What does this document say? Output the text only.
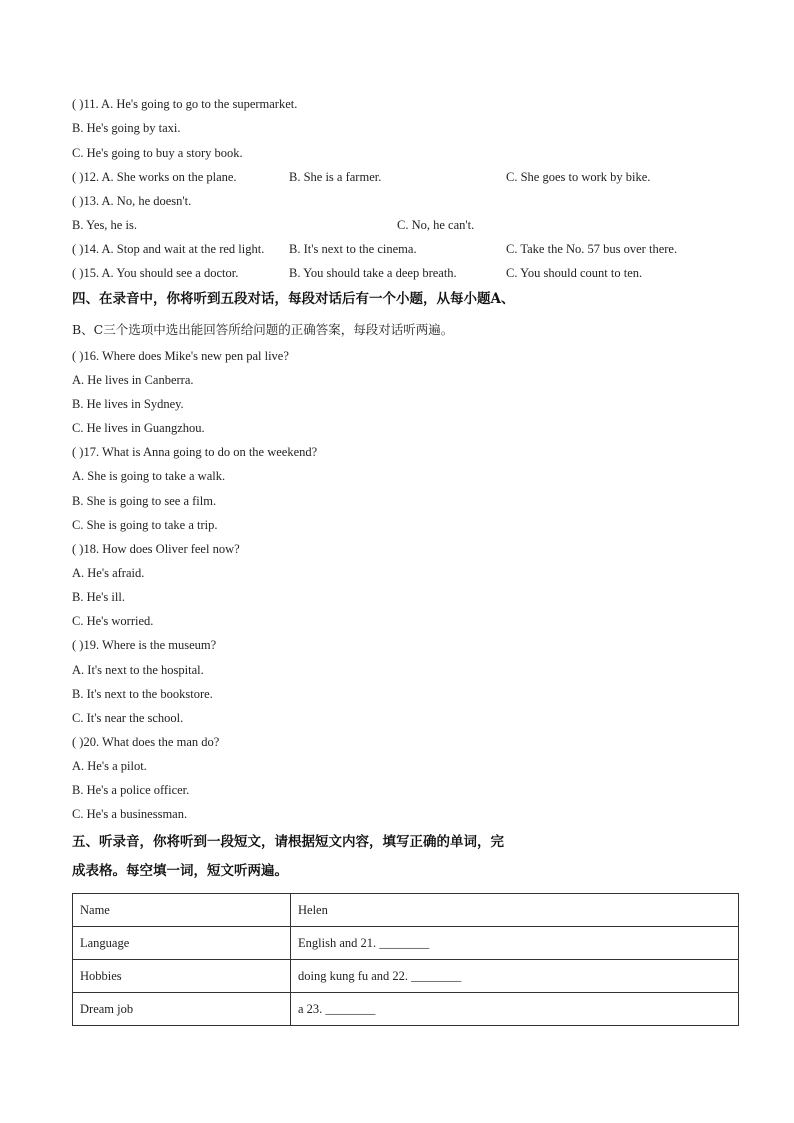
( )11. A. He's going to go to the supermarket.
B. He's going by taxi.
C. He's going to buy a story book.
( )12. A. She works on the plane.	B. She is a farmer.	C. She goes to work by bike.
( )13. A. No, he doesn't.
B. Yes, he is.	C. No, he can't.
( )14. A. Stop and wait at the red light. B. It's next to the cinema.	C. Take the No. 57 bus over there.
( )15. A. You should see a doctor.	B. You should take a deep breath.	C. You should count to ten.
四、在录音中，你将听到五段对话，每段对话后有一个小题，从每小题A、
B、C三个选项中选出能回答所给问题的正确答案，每段对话听两遍。
( )16. Where does Mike's new pen pal live?
A. He lives in Canberra.
B. He lives in Sydney.
C. He lives in Guangzhou.
( )17. What is Anna going to do on the weekend?
A. She is going to take a walk.
B. She is going to see a film.
C. She is going to take a trip.
( )18. How does Oliver feel now?
A. He's afraid.
B. He's ill.
C. He's worried.
( )19. Where is the museum?
A. It's next to the hospital.
B. It's next to the bookstore.
C. It's near the school.
( )20. What does the man do?
A. He's a pilot.
B. He's a police officer.
C. He's a businessman.
五、听录音，你将听到一段短文，请根据短文内容，填写正确的单词，完
成表格。每空填一词，短文听两遍。
Name	Helen
Language	English and 21. ________
Hobbies	doing kung fu and 22. ________
Dream job	a 23. ________
